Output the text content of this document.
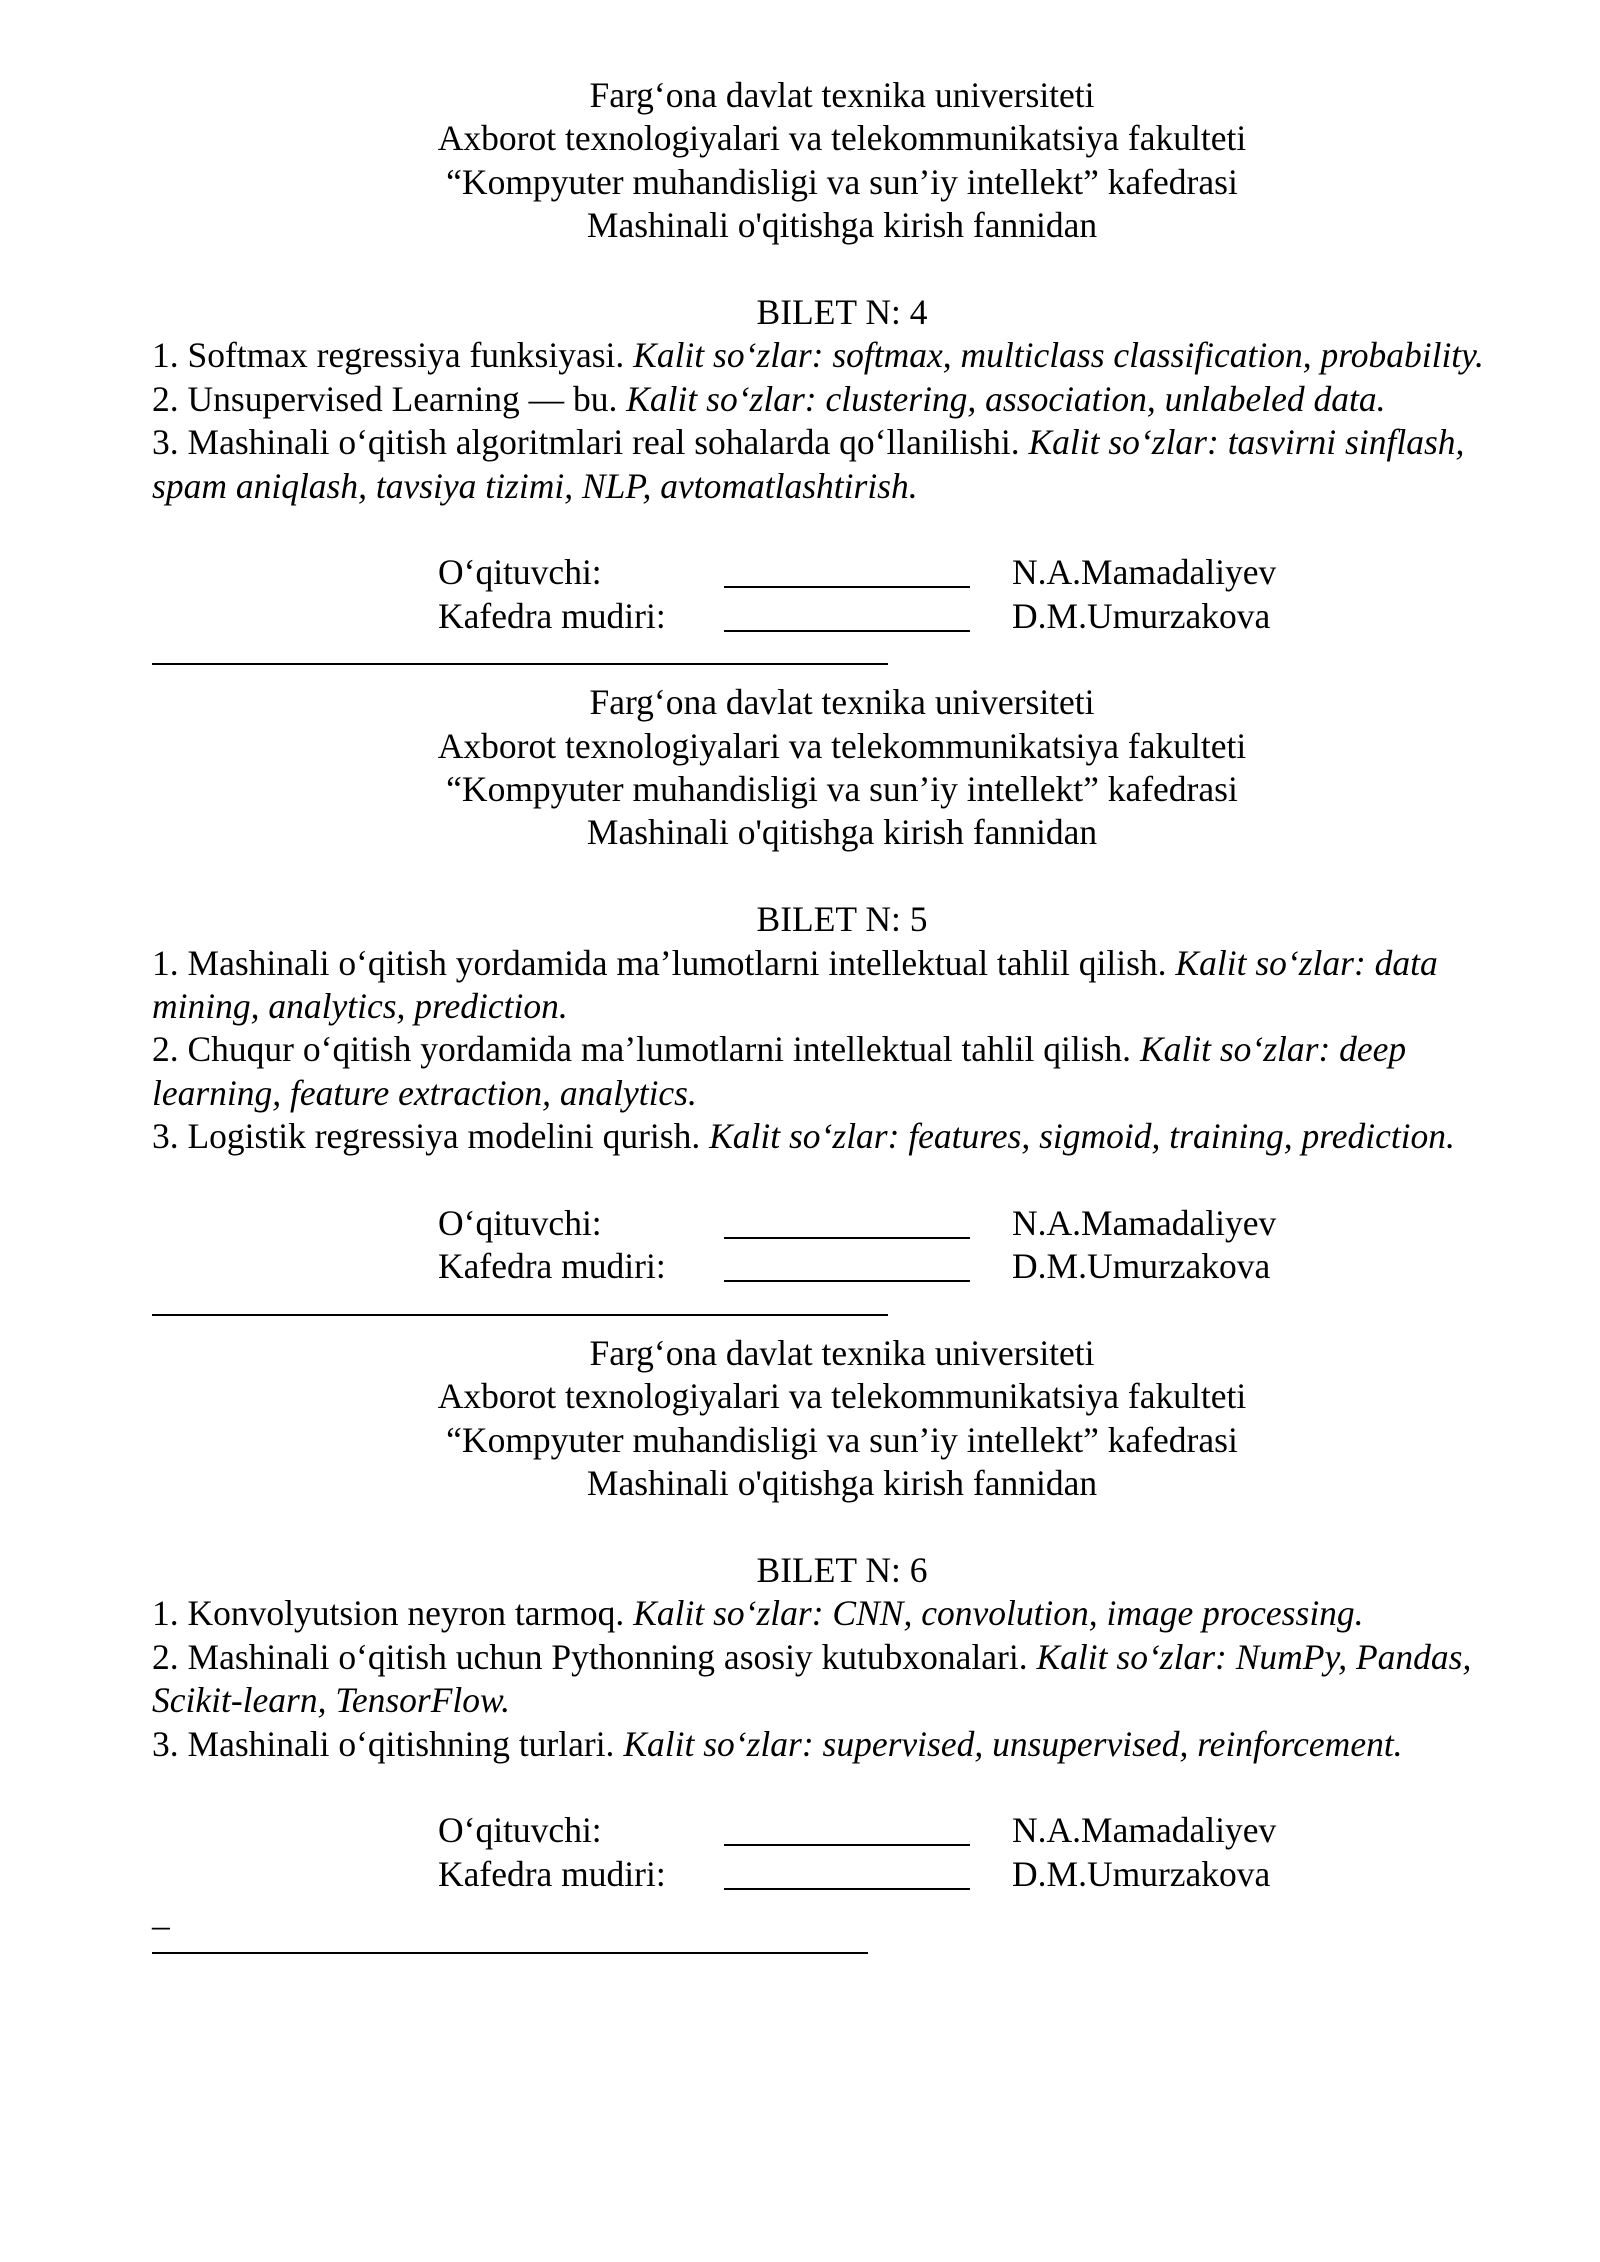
Farg‘ona davlat texnika universiteti
Axborot texnologiyalari va telekommunikatsiya fakulteti
“Kompyuter muhandisligi va sun’iy intellekt” kafedrasi
Mashinali o'qitishga kirish fannidan
BILET N: 4
1. Softmax regressiya funksiyasi. Kalit so‘zlar: softmax, multiclass classification, probability.
2. Unsupervised Learning — bu. Kalit so‘zlar: clustering, association, unlabeled data.
3. Mashinali o‘qitish algoritmlari real sohalarda qo‘llanilishi. Kalit so‘zlar: tasvirni sinflash, spam aniqlash, tavsiya tizimi, NLP, avtomatlashtirish.
O‘qituvchi:	N.A.Mamadaliyev
Kafedra mudiri:	D.M.Umurzakova
Farg‘ona davlat texnika universiteti
Axborot texnologiyalari va telekommunikatsiya fakulteti
“Kompyuter muhandisligi va sun’iy intellekt” kafedrasi
Mashinali o'qitishga kirish fannidan
BILET N: 5
1. Mashinali o‘qitish yordamida ma’lumotlarni intellektual tahlil qilish. Kalit so‘zlar: data mining, analytics, prediction.
2. Chuqur o‘qitish yordamida ma’lumotlarni intellektual tahlil qilish. Kalit so‘zlar: deep learning, feature extraction, analytics.
3. Logistik regressiya modelini qurish. Kalit so‘zlar: features, sigmoid, training, prediction.
O‘qituvchi:	N.A.Mamadaliyev
Kafedra mudiri:	D.M.Umurzakova
Farg‘ona davlat texnika universiteti
Axborot texnologiyalari va telekommunikatsiya fakulteti
“Kompyuter muhandisligi va sun’iy intellekt” kafedrasi
Mashinali o'qitishga kirish fannidan
BILET N: 6
1. Konvolyutsion neyron tarmoq. Kalit so‘zlar: CNN, convolution, image processing.
2. Mashinali o‘qitish uchun Pythonning asosiy kutubxonalari. Kalit so‘zlar: NumPy, Pandas, Scikit-learn, TensorFlow.
3. Mashinali o‘qitishning turlari. Kalit so‘zlar: supervised, unsupervised, reinforcement.
O‘qituvchi:	N.A.Mamadaliyev
Kafedra mudiri:	D.M.Umurzakova
–
